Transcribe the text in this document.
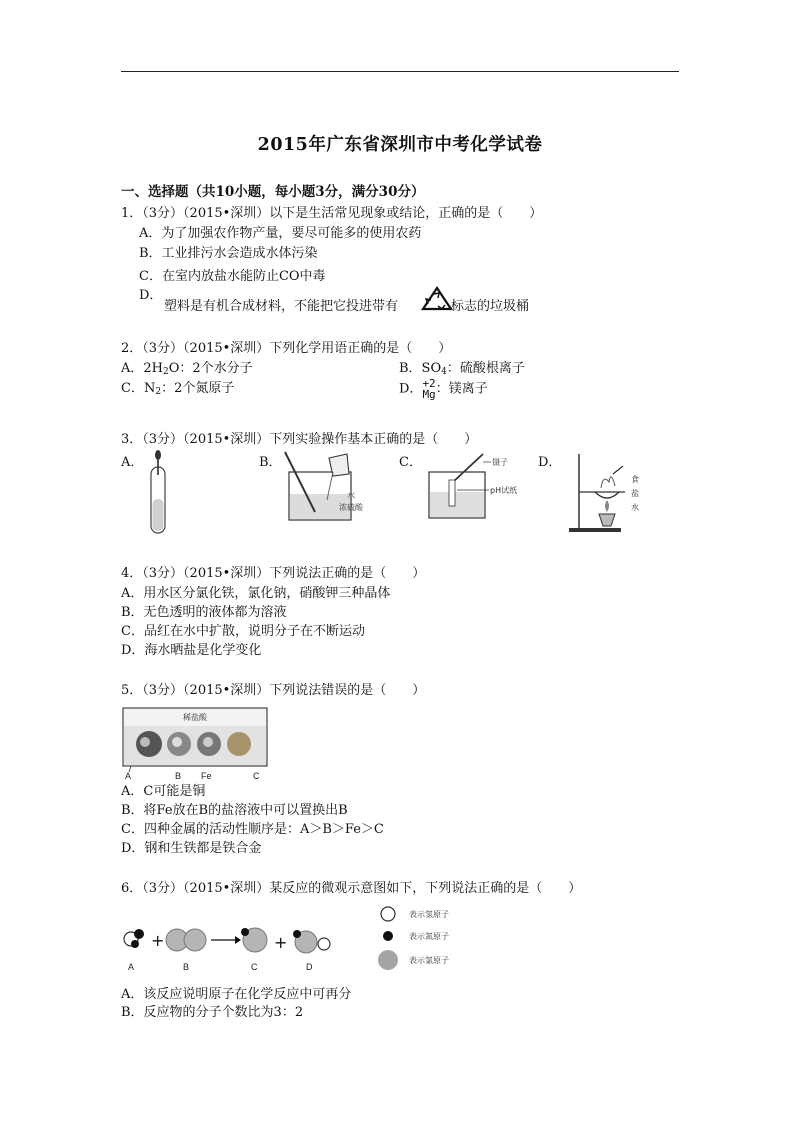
2015年广东省深圳市中考化学试卷
一、选择题（共10小题，每小题3分，满分30分）
1．（3分）（2015•深圳）以下是生活常见现象或结论，正确的是（　　）
A．为了加强农作物产量，要尽可能多的使用农药
B．工业排污水会造成水体污染
C．在室内放盐水能防止CO中毒
D．
塑料是有机合成材料，不能把它投进带有	标志的垃圾桶
2．（3分）（2015•深圳）下列化学用语正确的是（　　）
A．$2H_2O$：2个水分子	B．$SO_4$：硫酸根离子
C．$N_2$：2个氮原子	D．+2
Mg：镁离子
3．（3分）（2015•深圳）下列实验操作基本正确的是（　　）
A．	B．	C．	D．
水
浓硫酸
镊子
pH试纸
食
盐
水
4．（3分）（2015•深圳）下列说法正确的是（　　）
A．用水区分氯化铁，氯化钠，硝酸钾三种晶体
B．无色透明的液体都为溶液
C．品红在水中扩散，说明分子在不断运动
D．海水晒盐是化学变化
5．（3分）（2015•深圳）下列说法错误的是（　　）
稀盐酸
A	B Fe	C
A．C可能是铜
B．将Fe放在B的盐溶液中可以置换出B
C．四种金属的活动性顺序是：A＞B＞Fe＞C
D．钢和生铁都是铁合金
6．（3分）（2015•深圳）某反应的微观示意图如下，下列说法正确的是（　　）
A
+
B	C
+
D
表示氢原子
表示氮原子
表示氯原子
A．该反应说明原子在化学反应中可再分
B．反应物的分子个数比为3：2
